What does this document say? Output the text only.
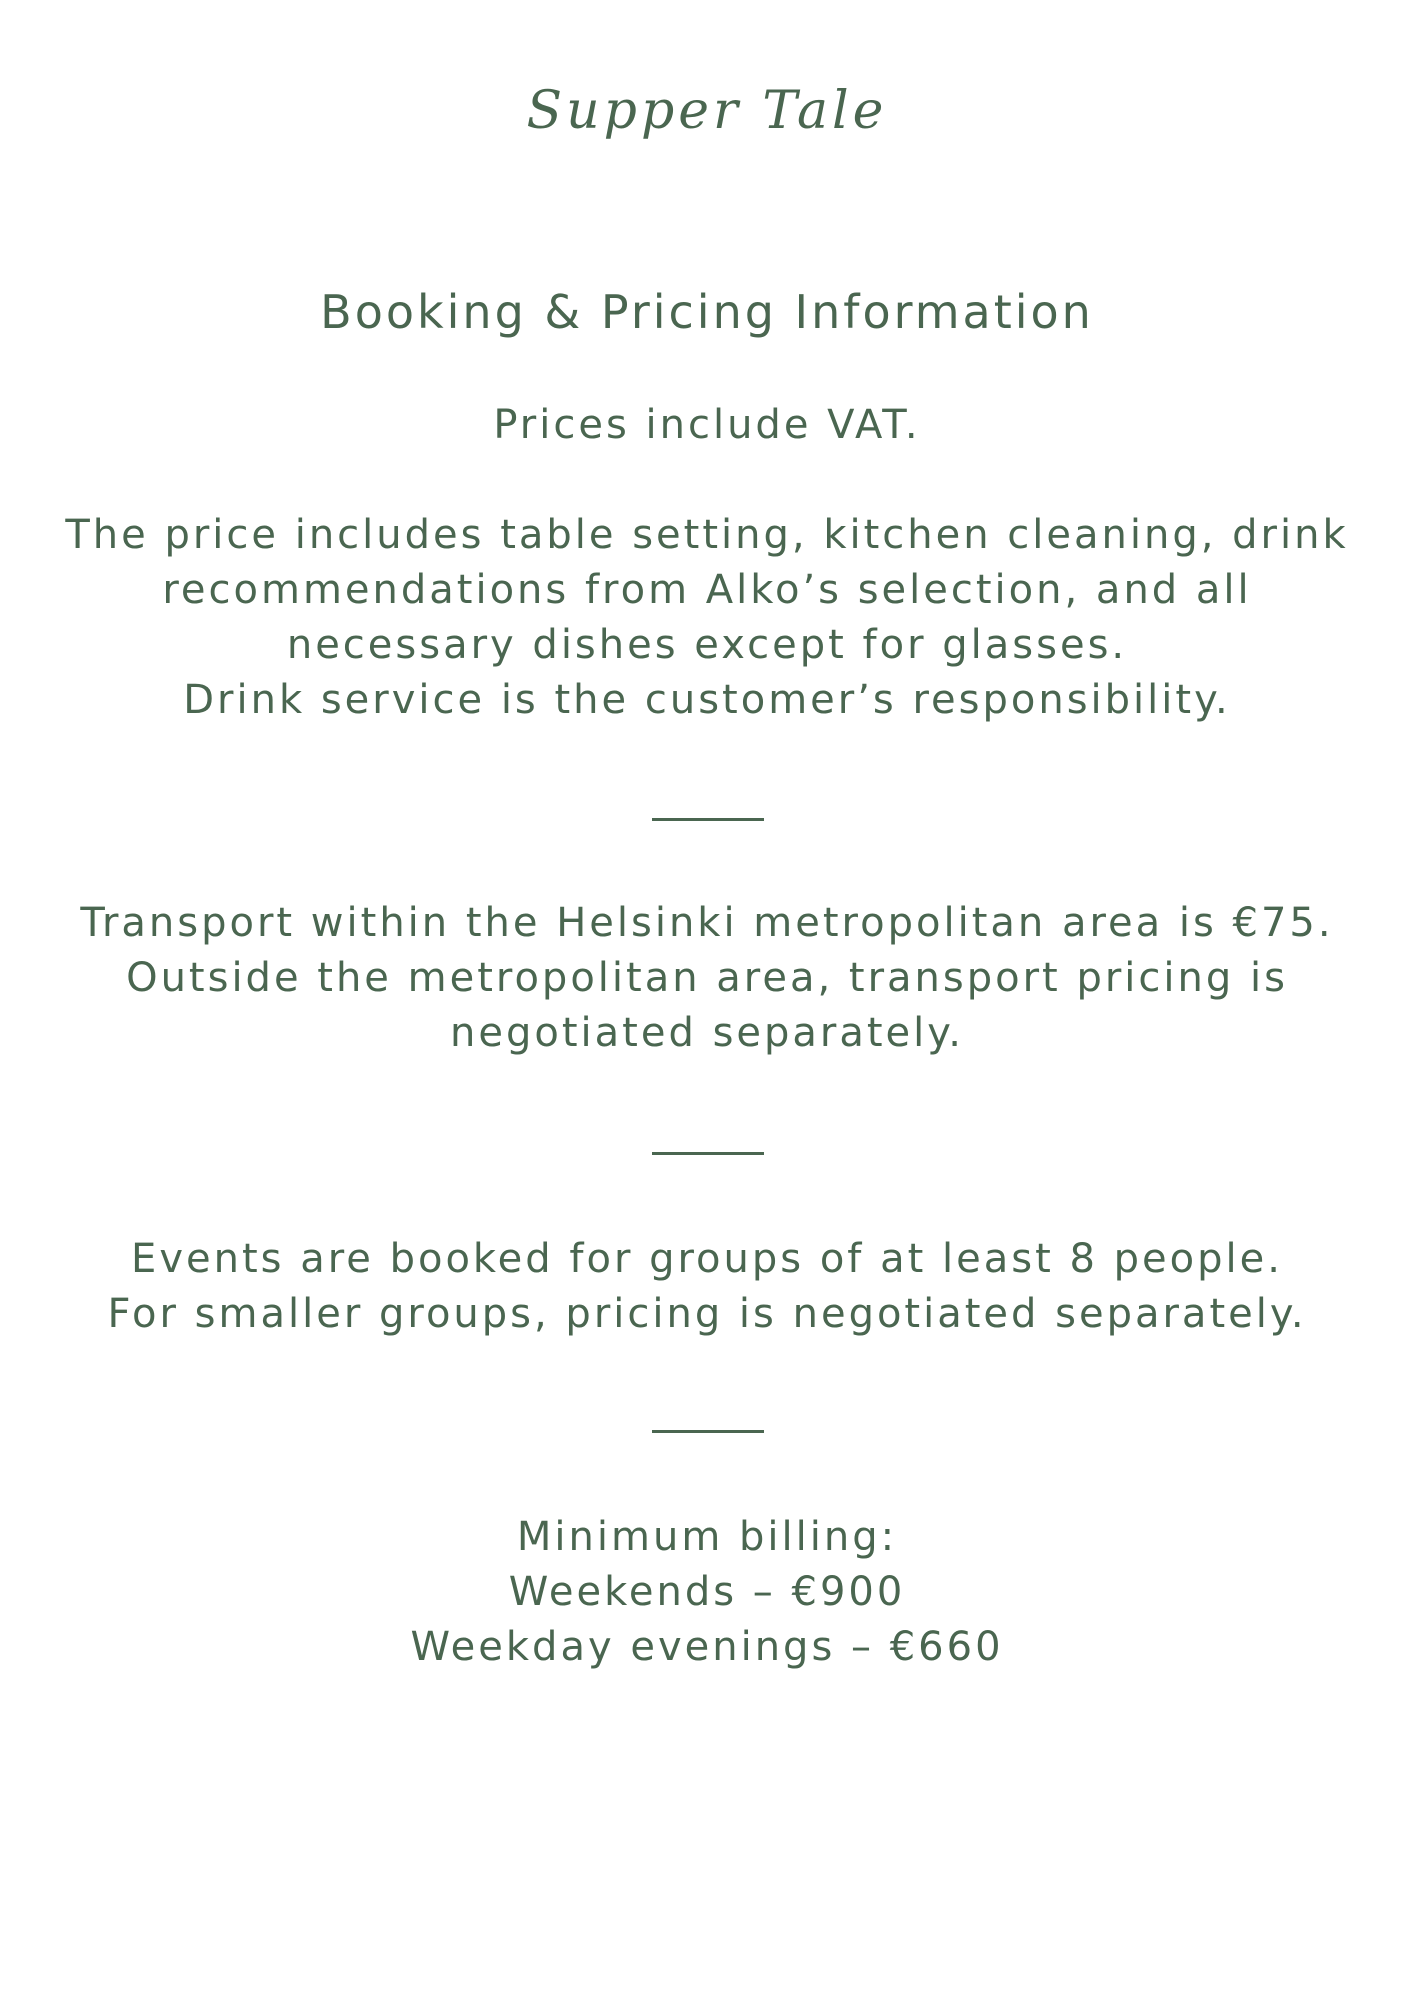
Supper Tale
Booking & Pricing Information

Prices include VAT.

The price includes table setting, kitchen cleaning, drink
recommendations from Alko’s selection, and all
necessary dishes except for glasses.
Drink service is the customer’s responsibility.

Transport within the Helsinki metropolitan area is €75.
Outside the metropolitan area, transport pricing is
negotiated separately.

Events are booked for groups of at least 8 people.
For smaller groups, pricing is negotiated separately.

Minimum billing:
Weekends – €900
Weekday evenings – €660
